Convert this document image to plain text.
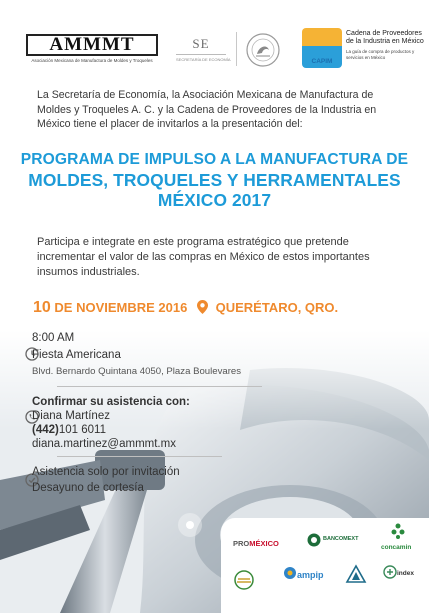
AMMMT
Asociación Mexicana de Manufactura de Moldes y Troqueles
SE
SECRETARÍA DE ECONOMÍA	CAPIM
Cadena de Proveedores de la Industria en México
La guía de compra de productos y servicios en México
La Secretaría de Economía, la Asociación Mexicana de Manufactura de
Moldes y Troqueles A. C. y la Cadena de Proveedores de la Industria en
México tiene el placer de invitarlos a la presentación del:
PROGRAMA DE IMPULSO A LA MANUFACTURA DE
MOLDES, TROQUELES Y HERRAMENTALES
MÉXICO 2017
Participa e integrate en este programa estratégico que pretende
incrementar el valor de las compras en México de estos importantes
insumos industriales.
10 DE NOVIEMBRE 2016 QUERÉTARO, QRO.
8:00 AM
Fiesta Americana
Blvd. Bernardo Quintana 4050, Plaza Boulevares
Confirmar su asistencia con:
Diana Martínez
(442)101 6011
diana.martinez@ammmt.mx
Asistencia solo por invitación
Desayuno de cortesía
PROMÉXICO	BANCOMEXT
concamin
ampip	index
